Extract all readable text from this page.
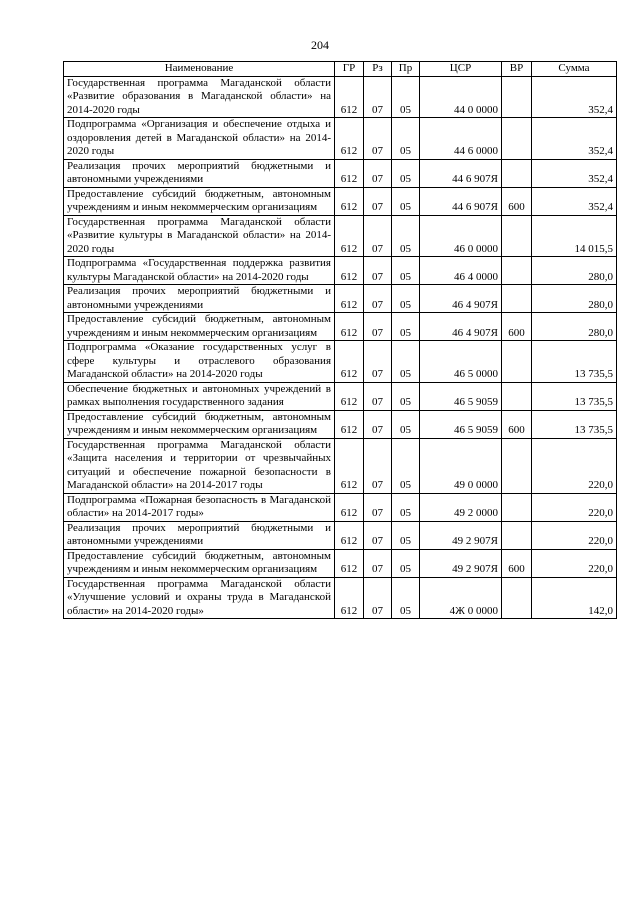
204
Наименование	ГР	Рз	Пр	ЦСР	ВР	Сумма
Государственная программа Магаданской области «Развитие образования в Магаданской области» на 2014-2020 годы	612	07	05	44 0 0000		352,4
Подпрограмма «Организация и обеспечение отдыха и оздоровления детей в Магаданской области» на 2014-2020 годы	612	07	05	44 6 0000		352,4
Реализация прочих мероприятий бюджетными и автономными учреждениями	612	07	05	44 6 907Я		352,4
Предоставление субсидий бюджетным, автономным учреждениям и иным некоммерческим организациям	612	07	05	44 6 907Я	600	352,4
Государственная программа Магаданской области «Развитие культуры в Магаданской области» на 2014-2020 годы	612	07	05	46 0 0000		14 015,5
Подпрограмма «Государственная поддержка развития культуры Магаданской области» на 2014-2020 годы	612	07	05	46 4 0000		280,0
Реализация прочих мероприятий бюджетными и автономными учреждениями	612	07	05	46 4 907Я		280,0
Предоставление субсидий бюджетным, автономным учреждениям и иным некоммерческим организациям	612	07	05	46 4 907Я	600	280,0
Подпрограмма «Оказание государственных услуг в сфере культуры и отраслевого образования Магаданской области» на 2014-2020 годы	612	07	05	46 5 0000		13 735,5
Обеспечение бюджетных и автономных учреждений в рамках выполнения государственного задания	612	07	05	46 5 9059		13 735,5
Предоставление субсидий бюджетным, автономным учреждениям и иным некоммерческим организациям	612	07	05	46 5 9059	600	13 735,5
Государственная программа Магаданской области «Защита населения и территории от чрезвычайных ситуаций и обеспечение пожарной безопасности в Магаданской области» на 2014-2017 годы	612	07	05	49 0 0000		220,0
Подпрограмма «Пожарная безопасность в Магаданской области» на 2014-2017 годы»	612	07	05	49 2 0000		220,0
Реализация прочих мероприятий бюджетными и автономными учреждениями	612	07	05	49 2 907Я		220,0
Предоставление субсидий бюджетным, автономным учреждениям и иным некоммерческим организациям	612	07	05	49 2 907Я	600	220,0
Государственная программа Магаданской области «Улучшение условий и охраны труда в Магаданской области» на 2014-2020 годы»	612	07	05	4Ж 0 0000		142,0
